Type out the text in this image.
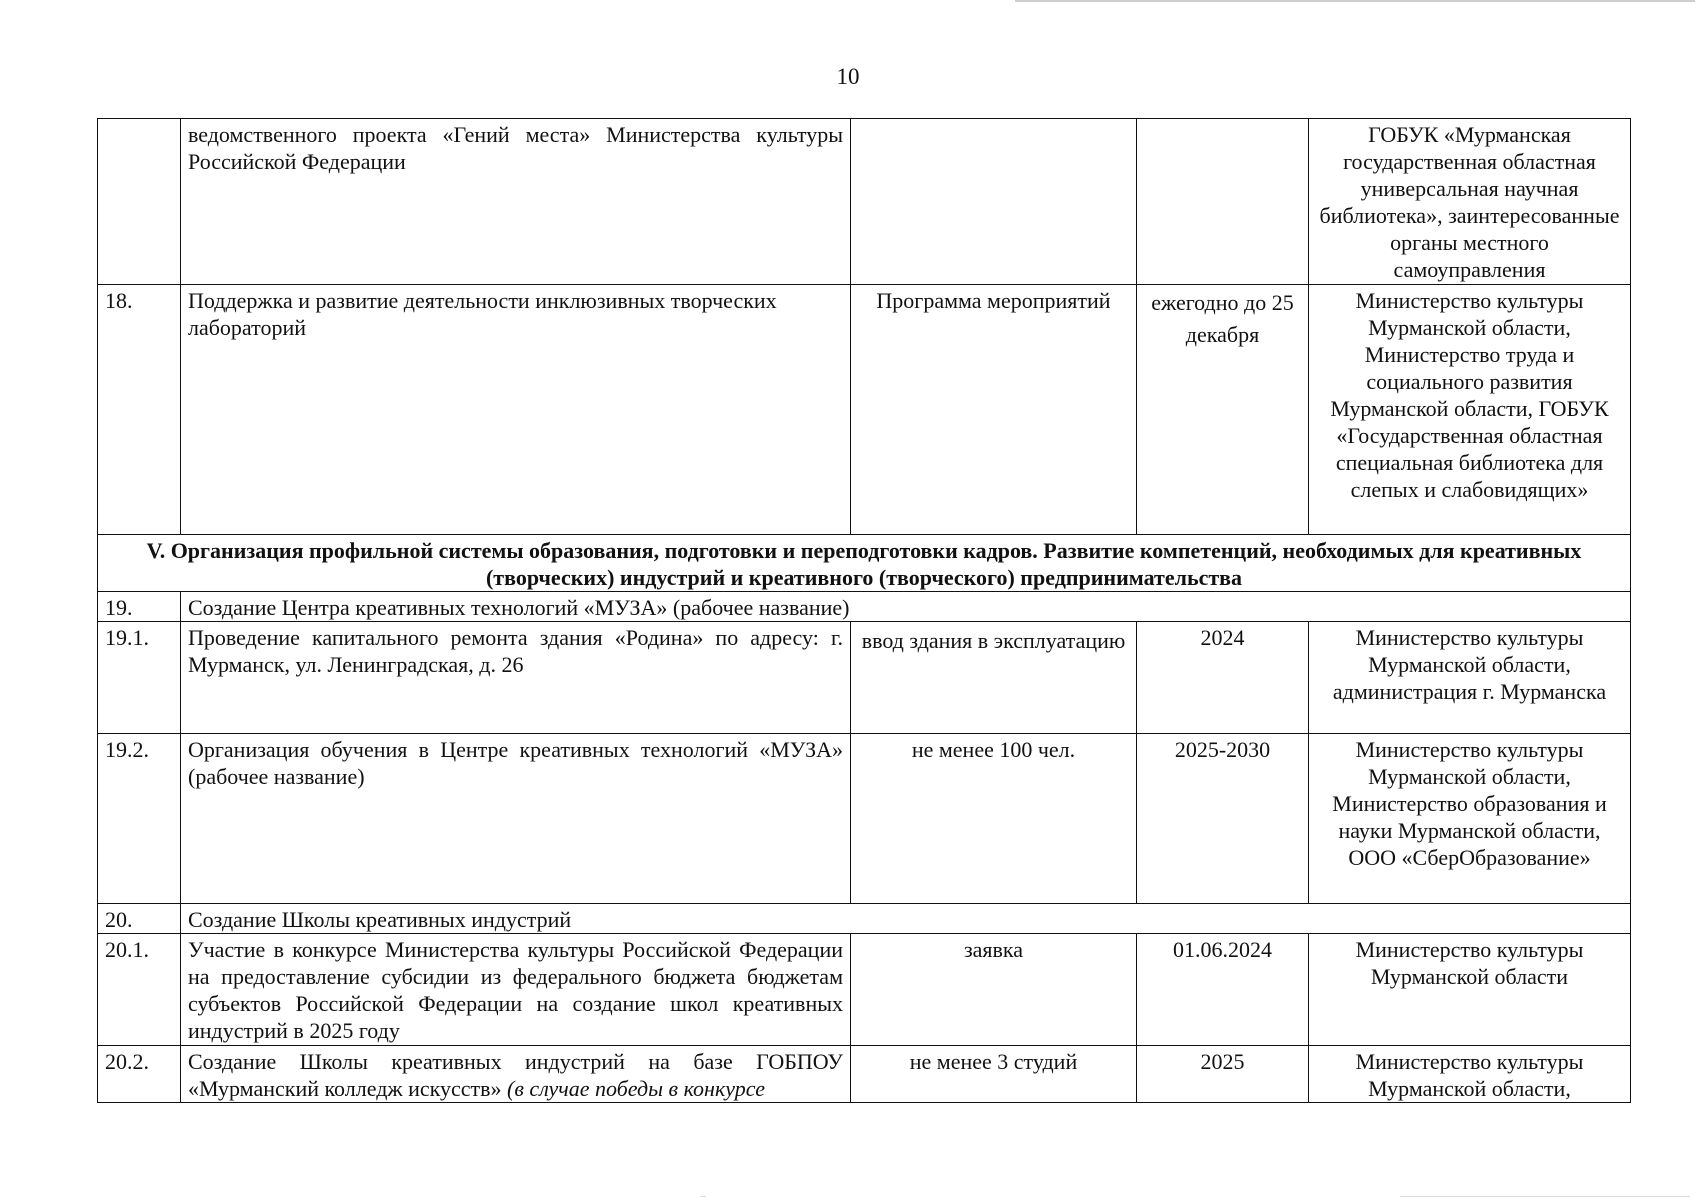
10
	ведомственного проекта «Гений места» Министерства культуры Российской Федерации			ГОБУК «Мурманская государственная областная универсальная научная библиотека», заинтересованные органы местного самоуправления
18.	Поддержка и развитие деятельности инклюзивных творческих лабораторий	Программа мероприятий	ежегодно до 25 декабря	Министерство культуры Мурманской области, Министерство труда и социального развития Мурманской области, ГОБУК «Государственная областная специальная библиотека для слепых и слабовидящих»
V. Организация профильной системы образования, подготовки и переподготовки кадров. Развитие компетенций, необходимых для креативных (творческих) индустрий и креативного (творческого) предпринимательства				
19.	Создание Центра креативных технологий «МУЗА» (рабочее название)			
19.1.	Проведение капитального ремонта здания «Родина» по адресу: г. Мурманск, ул. Ленинградская, д. 26	ввод здания в эксплуатацию	2024	Министерство культуры Мурманской области, администрация г. Мурманска
19.2.	Организация обучения в Центре креативных технологий «МУЗА» (рабочее название)	не менее 100 чел.	2025-2030	Министерство культуры Мурманской области, Министерство образования и науки Мурманской области, ООО «СберОбразование»
20.	Создание Школы креативных индустрий			
20.1.	Участие в конкурсе Министерства культуры Российской Федерации на предоставление субсидии из федерального бюджета бюджетам субъектов Российской Федерации на создание школ креативных индустрий в 2025 году	заявка	01.06.2024	Министерство культуры Мурманской области
20.2.	Создание Школы креативных индустрий на базе ГОБПОУ «Мурманский колледж искусств» (в случае победы в конкурсе	не менее 3 студий	2025	Министерство культуры Мурманской области,
